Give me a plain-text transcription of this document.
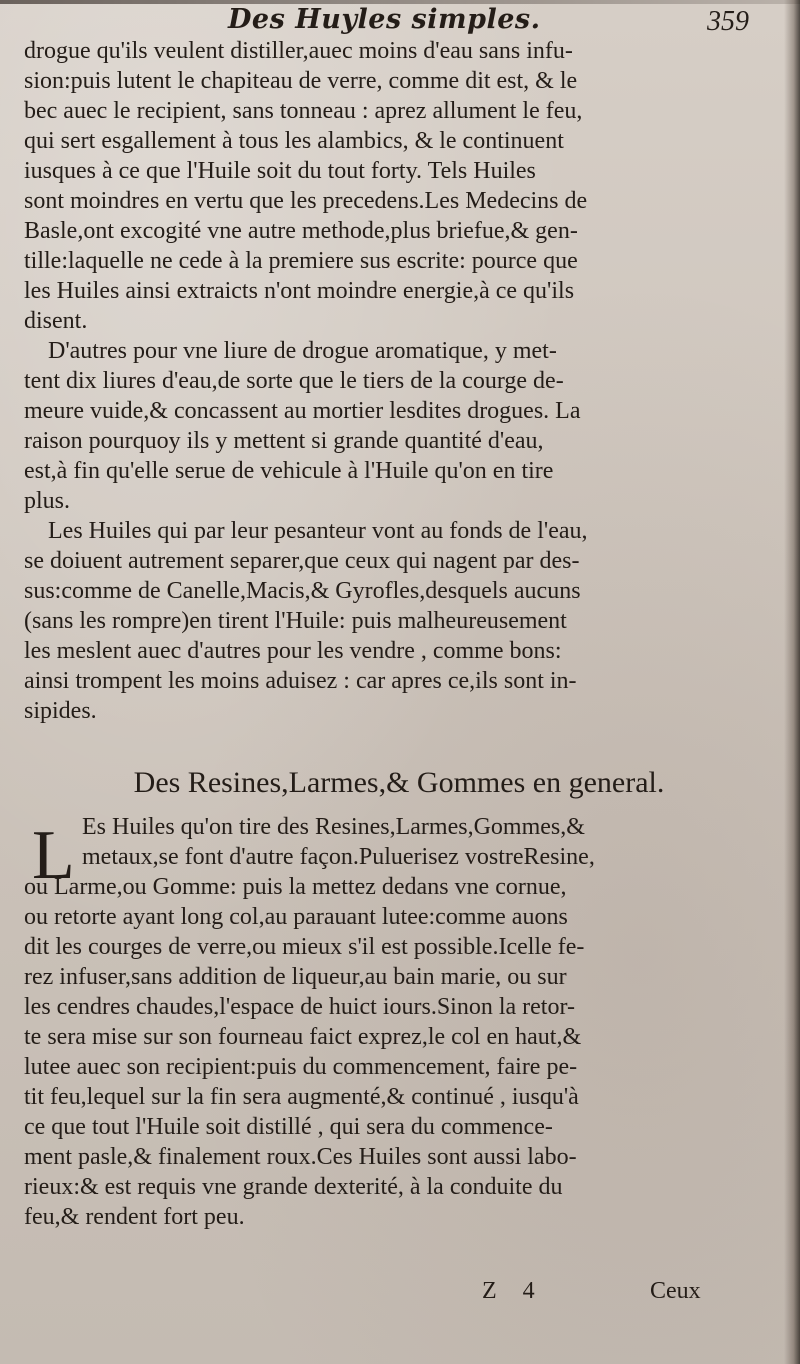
Des Huyles simples.	359
drogue qu'ils veulent distiller,auec moins d'eau sans infu-
sion:puis lutent le chapiteau de verre, comme dit est, & le
bec auec le recipient, sans tonneau : aprez allument le feu,
qui sert esgallement à tous les alambics, & le continuent
iusques à ce que l'Huile soit du tout forty. Tels Huiles
sont moindres en vertu que les precedens.Les Medecins de
Basle,ont excogité vne autre methode,plus briefue,& gen-
tille:laquelle ne cede à la premiere sus escrite: pource que
les Huiles ainsi extraicts n'ont moindre energie,à ce qu'ils
disent.
D'autres pour vne liure de drogue aromatique, y met-
tent dix liures d'eau,de sorte que le tiers de la courge de-
meure vuide,& concassent au mortier lesdites drogues. La
raison pourquoy ils y mettent si grande quantité d'eau,
est,à fin qu'elle serue de vehicule à l'Huile qu'on en tire
plus.
Les Huiles qui par leur pesanteur vont au fonds de l'eau,
se doiuent autrement separer,que ceux qui nagent par des-
sus:comme de Canelle,Macis,& Gyrofles,desquels aucuns
(sans les rompre)en tirent l'Huile: puis malheureusement
les meslent auec d'autres pour les vendre , comme bons:
ainsi trompent les moins aduisez : car apres ce,ils sont in-
sipides.
Des Resines,Larmes,& Gommes en general.
L Es Huiles qu'on tire des Resines,Larmes,Gommes,&
metaux,se font d'autre façon.Puluerisez vostreResine,
ou Larme,ou Gomme: puis la mettez dedans vne cornue,
ou retorte ayant long col,au parauant lutee:comme auons
dit les courges de verre,ou mieux s'il est possible.Icelle fe-
rez infuser,sans addition de liqueur,au bain marie, ou sur
les cendres chaudes,l'espace de huict iours.Sinon la retor-
te sera mise sur son fourneau faict exprez,le col en haut,&
lutee auec son recipient:puis du commencement, faire pe-
tit feu,lequel sur la fin sera augmenté,& continué , iusqu'à
ce que tout l'Huile soit distillé , qui sera du commence-
ment pasle,& finalement roux.Ces Huiles sont aussi labo-
rieux:& est requis vne grande dexterité, à la conduite du
feu,& rendent fort peu.
Z 4	Ceux
